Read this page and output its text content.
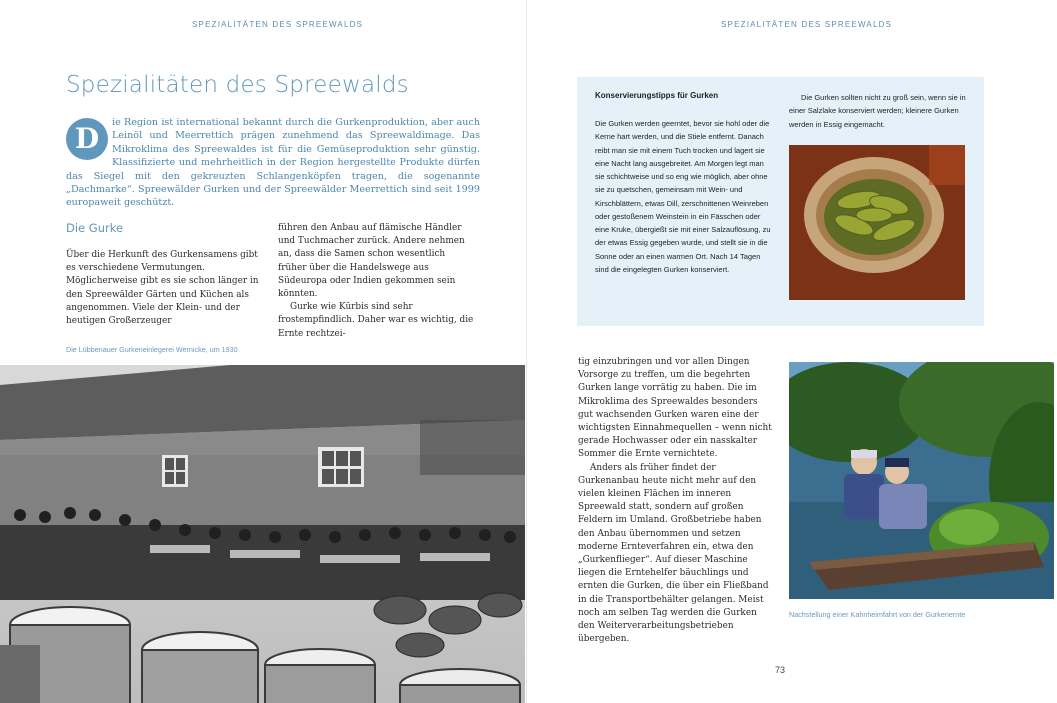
SPEZIALITÄTEN DES SPREEWALDS	SPEZIALITÄTEN DES SPREEWALDS
Spezialitäten des Spreewalds
D	ie Region ist international bekannt durch die Gurkenproduktion, aber auch Leinöl und Meerrettich prägen zunehmend das Spreewaldimage. Das Mikroklima des Spreewaldes ist für die Gemüseproduktion sehr günstig. Klassifizierte und mehrheitlich in der Region hergestellte Produkte dürfen das Siegel mit den gekreuzten Schlangenköpfen tragen, die sogenannte „Dachmarke“. Spreewälder Gurken und der Spreewälder Meerrettich sind seit 1999 europaweit geschützt.
Die Gurke

Über die Herkunft des Gurkensamens gibt es verschiedene Vermutungen. Möglicherweise gibt es sie schon länger in den Spreewälder Gärten und Küchen als angenommen. Viele der Klein- und der heutigen Großerzeuger

führen den Anbau auf flämische Händler und Tuchmacher zurück. Andere nehmen an, dass die Samen schon wesentlich früher über die Handelswege aus Südeuropa oder Indien gekommen sein könnten.

Gurke wie Kürbis sind sehr frostempfindlich. Daher war es wichtig, die Ernte rechtzei-

Die Lübbenauer Gurkeneinlegerei Wernicke, um 1930
Konservierungstipps für Gurken
Die Gurken werden geerntet, bevor sie hohl oder die Kerne hart werden, und die Stiele entfernt. Danach reibt man sie mit einem Tuch trocken und lagert sie eine Nacht lang ausgebreitet. Am Morgen legt man sie schichtweise und so eng wie möglich, aber ohne sie zu quetschen, gemeinsam mit Wein- und Kirschblättern, etwas Dill, zerschnittenen Weinreben oder gestoßenem Weinstein in ein Fässchen oder eine Kruke, übergießt sie mit einer Salzauflösung, zu der etwas Essig gegeben wurde, und stellt sie in die Sonne oder an einen warmen Ort. Nach 14 Tagen sind die eingelegten Gurken konserviert.
Die Gurken sollten nicht zu groß sein, wenn sie in einer Salzlake konserviert werden; kleinere Gurken werden in Essig eingemacht.

tig einzubringen und vor allen Dingen Vorsorge zu treffen, um die begehrten Gurken lange vorrätig zu haben. Die im Mikroklima des Spreewaldes besonders gut wachsenden Gurken waren eine der wichtigsten Einnahmequellen – wenn nicht gerade Hochwasser oder ein nasskalter Sommer die Ernte vernichtete.

Anders als früher findet der Gurkenanbau heute nicht mehr auf den vielen kleinen Flächen im inneren Spreewald statt, sondern auf großen Feldern im Umland. Großbetriebe haben den Anbau übernommen und setzen moderne Ernteverfahren ein, etwa den „Gurkenflieger“. Auf dieser Maschine liegen die Erntehelfer bäuchlings und ernten die Gurken, die über ein Fließband in die Transportbehälter gelangen. Meist noch am selben Tag werden die Gurken den Weiterverarbeitungsbetrieben übergeben.

Nachstellung einer Kahnheimfahrt von der Gurkenernte
73
